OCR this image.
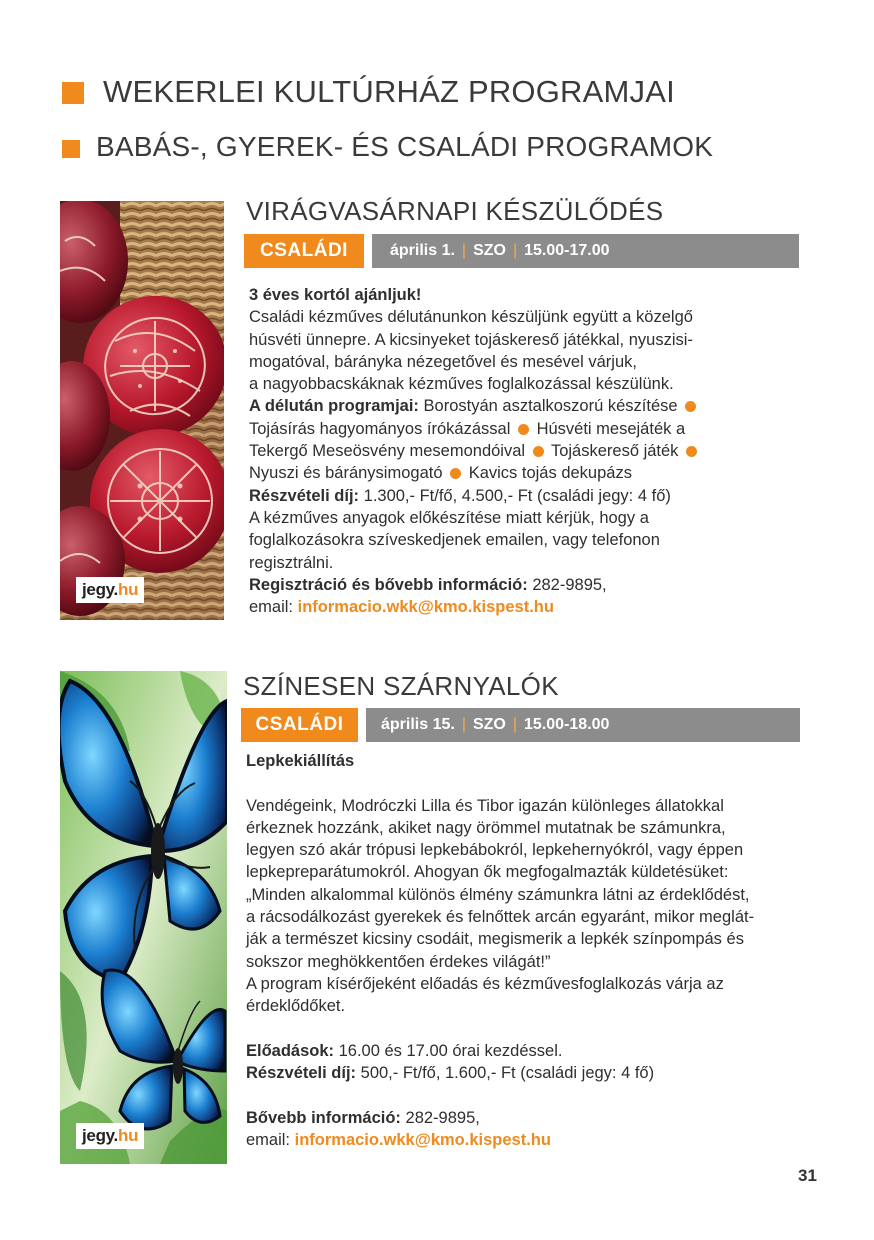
WEKERLEI KULTÚRHÁZ PROGRAMJAI
BABÁS-, GYEREK- ÉS CSALÁDI PROGRAMOK
jegy.hu
VIRÁGVASÁRNAPI KÉSZÜLŐDÉS
CSALÁDI	április 1. | SZO | 15.00-17.00

3 éves kortól ajánljuk!

Családi kézműves délutánunkon készüljünk együtt a közelgő

húsvéti ünnepre. A kicsinyeket tojáskereső játékkal, nyuszisi-

mogatóval, bárányka nézegetővel és mesével várjuk,

a nagyobbacskáknak kézműves foglalkozással készülünk.

A délután programjai: Borostyán asztalkoszorú készítése

Tojásírás hagyományos írókázással Húsvéti mesejáték a

Tekergő Meseösvény mesemondóival Tojáskereső játék

Nyuszi és báránysimogató Kavics tojás dekupázs

Részvételi díj: 1.300,- Ft/fő, 4.500,- Ft (családi jegy: 4 fő)

A kézműves anyagok előkészítése miatt kérjük, hogy a

foglalkozásokra szíveskedjenek emailen, vagy telefonon

regisztrálni.

Regisztráció és bővebb információ: 282-9895,

email: informacio.wkk@kmo.kispest.hu

jegy.hu
SZÍNESEN SZÁRNYALÓK
CSALÁDI	április 15. | SZO | 15.00-18.00

Lepkekiállítás

Vendégeink, Modróczki Lilla és Tibor igazán különleges állatokkal

érkeznek hozzánk, akiket nagy örömmel mutatnak be számunkra,

legyen szó akár trópusi lepkebábokról, lepkehernyókról, vagy éppen

lepkepreparátumokról. Ahogyan ők megfogalmazták küldetésüket:

„Minden alkalommal különös élmény számunkra látni az érdeklődést,

a rácsodálkozást gyerekek és felnőttek arcán egyaránt, mikor meglát-

ják a természet kicsiny csodáit, megismerik a lepkék színpompás és

sokszor meghökkentően érdekes világát!”

A program kísérőjeként előadás és kézművesfoglalkozás várja az

érdeklődőket.

Előadások: 16.00 és 17.00 órai kezdéssel.

Részvételi díj: 500,- Ft/fő, 1.600,- Ft (családi jegy: 4 fő)

Bővebb információ: 282-9895,

email: informacio.wkk@kmo.kispest.hu

31
